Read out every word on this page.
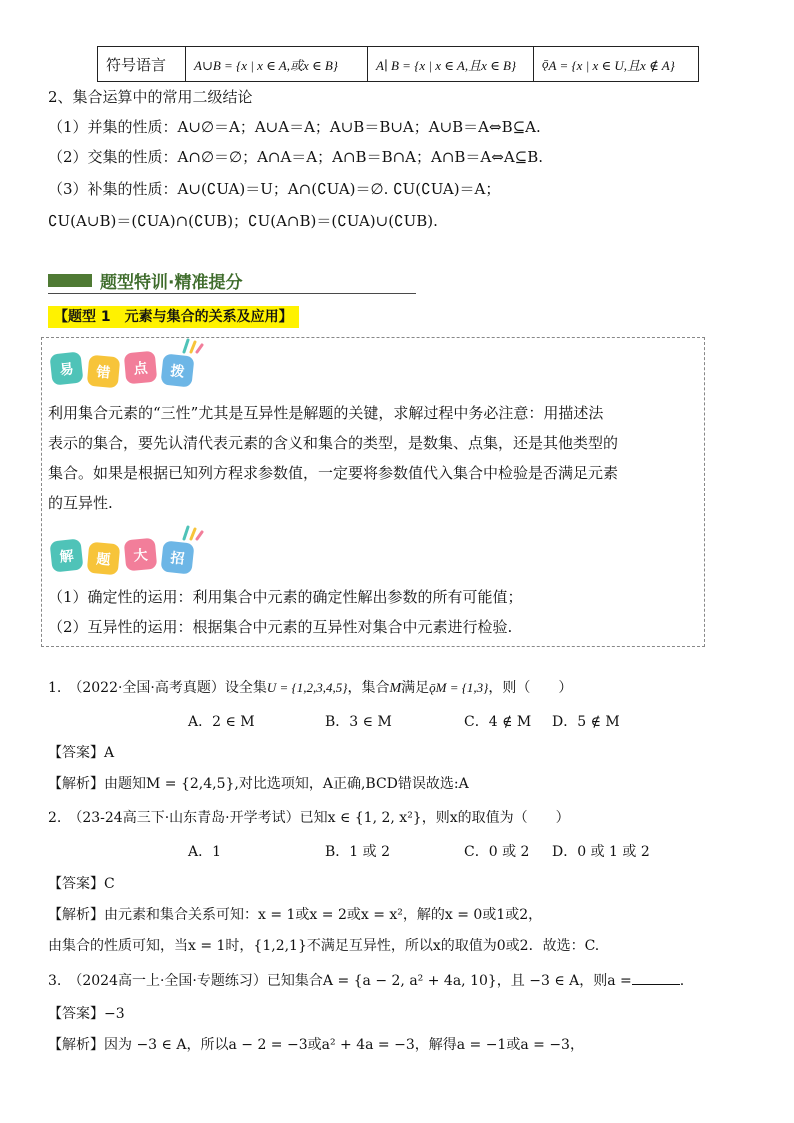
符号语言	A∪B = {x | x ∈ A,或x ∈ B}	A∣ B = {x | x ∈ A,且x ∈ B}	ǭ A = {x | x ∈ U,且x ∉ A}
2、集合运算中的常用二级结论
（1）并集的性质：A∪∅＝A；A∪A＝A；A∪B＝B∪A；A∪B＝A⇔B⊆A.
（2）交集的性质：A∩∅＝∅；A∩A＝A；A∩B＝B∩A；A∩B＝A⇔A⊆B.
（3）补集的性质：A∪(∁UA)＝U；A∩(∁UA)＝∅. ∁U(∁UA)＝A；
∁U(A∪B)＝(∁UA)∩(∁UB)；∁U(A∩B)＝(∁UA)∪(∁UB).
题型特训·精准提分
【题型 1　元素与集合的关系及应用】
易	错	点	拨
利用集合元素的“三性”尤其是互异性是解题的关键，求解过程中务必注意：用描述法
表示的集合，要先认清代表元素的含义和集合的类型，是数集、点集，还是其他类型的
集合。如果是根据已知列方程求参数值，一定要将参数值代入集合中检验是否满足元素
的互异性.
解	题	大	招
（1）确定性的运用：利用集合中元素的确定性解出参数的所有可能值；
（2）互异性的运用：根据集合中元素的互异性对集合中元素进行检验.
1.　（2022·全国·高考真题）设全集U = {1,2,3,4,5}，集合M满足ǭM = {1,3}，则（　　）
A．2 ∈ M	B．3 ∈ M	C．4 ∉ M D．5 ∉ M
【答案】A
【解析】由题知M = {2,4,5},对比选项知，A正确,BCD错误故选:A
2.　（23-24高三下·山东青岛·开学考试）已知x ∈ {1, 2, x²}，则x的取值为（　　）
A．1	B．1 或 2	C．0 或 2 D．0 或 1 或 2
【答案】C
【解析】由元素和集合关系可知：x = 1或x = 2或x = x²，解的x = 0或1或2，
由集合的性质可知，当x = 1时，{1,2,1}不满足互异性，所以x的取值为0或2．故选：C.
3.　（2024高一上·全国·专题练习）已知集合A = {a − 2, a² + 4a, 10}，且 −3 ∈ A，则a =	.
【答案】−3
【解析】因为 −3 ∈ A，所以a − 2 = −3或a² + 4a = −3，解得a = −1或a = −3，
